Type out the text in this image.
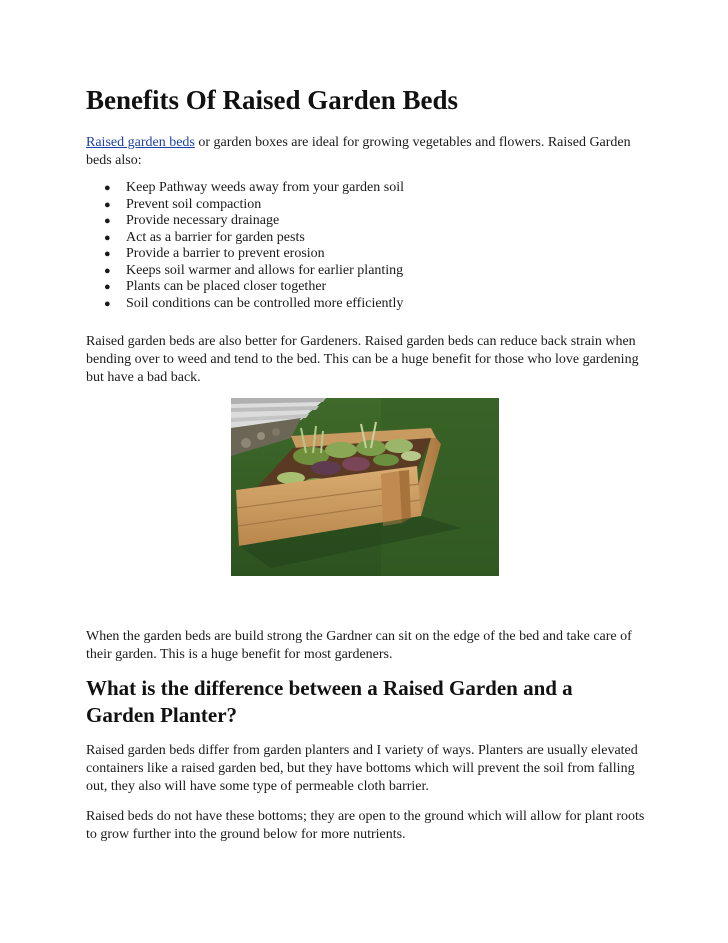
Benefits Of Raised Garden Beds
Raised garden beds or garden boxes are ideal for growing vegetables and flowers. Raised Garden beds also:
● Keep Pathway weeds away from your garden soil
● Prevent soil compaction
● Provide necessary drainage
● Act as a barrier for garden pests
● Provide a barrier to prevent erosion
● Keeps soil warmer and allows for earlier planting
● Plants can be placed closer together
● Soil conditions can be controlled more efficiently
Raised garden beds are also better for Gardeners. Raised garden beds can reduce back strain when bending over to weed and tend to the bed. This can be a huge benefit for those who love gardening but have a bad back.
When the garden beds are build strong the Gardner can sit on the edge of the bed and take care of their garden. This is a huge benefit for most gardeners.
What is the difference between a Raised Garden and a Garden Planter?
Raised garden beds differ from garden planters and I variety of ways. Planters are usually elevated containers like a raised garden bed, but they have bottoms which will prevent the soil from falling out, they also will have some type of permeable cloth barrier.
Raised beds do not have these bottoms; they are open to the ground which will allow for plant roots to grow further into the ground below for more nutrients.
